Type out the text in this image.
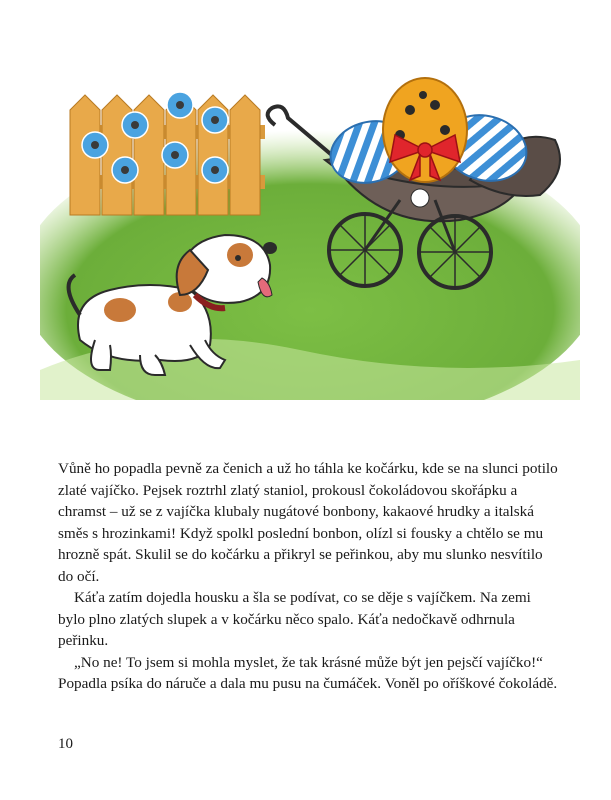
Vůně ho popadla pevně za čenich a už ho táhla ke kočárku, kde se na slunci potilo zlaté vajíčko. Pejsek roztrhl zlatý staniol, prokousl čokoládovou skořápku a chramst – už se z vajíčka klubaly nugátové bonbony, kakaové hrudky a italská směs s hrozinkami! Když spolkl poslední bonbon, olízl si fousky a chtělo se mu hrozně spát. Skulil se do kočárku a přikryl se peřinkou, aby mu slunko nesvítilo do očí.

Káťa zatím dojedla housku a šla se podívat, co se děje s vajíčkem. Na zemi bylo plno zlatých slupek a v kočárku něco spalo. Káťa nedočkavě odhrnula peřinku.

„No ne! To jsem si mohla myslet, že tak krásné může být jen pejsčí vajíčko!“ Popadla psíka do náruče a dala mu pusu na čumáček. Voněl po oříškové čokoládě.

10
